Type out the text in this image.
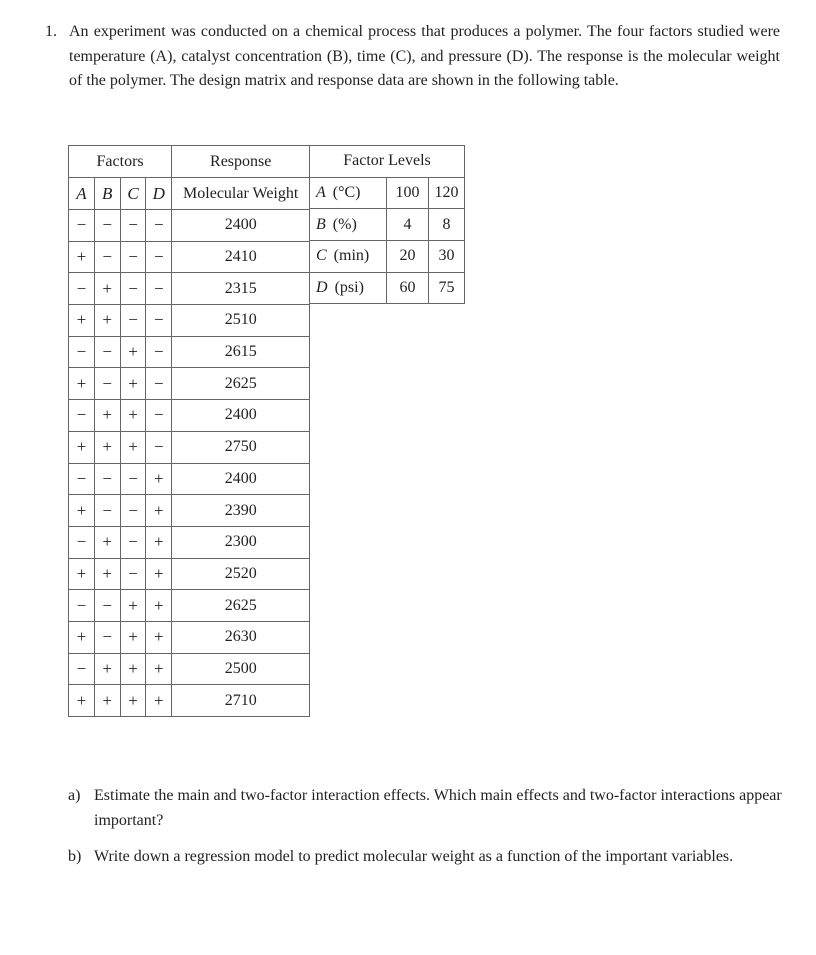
1. An experiment was conducted on a chemical process that produces a polymer. The four factors studied were temperature (A), catalyst concentration (B), time (C), and pressure (D). The response is the molecular weight of the polymer. The design matrix and response data are shown in the following table.
Factors				Response
A	B	C	D	Molecular Weight
−	−	−	−	2400
+	−	−	−	2410
−	+	−	−	2315
+	+	−	−	2510
−	−	+	−	2615
+	−	+	−	2625
−	+	+	−	2400
+	+	+	−	2750
−	−	−	+	2400
+	−	−	+	2390
−	+	−	+	2300
+	+	−	+	2520
−	−	+	+	2625
+	−	+	+	2630
−	+	+	+	2500
+	+	+	+	2710
Factor Levels		
A (°C)	100	120
B (%)	4	8
C (min)	20	30
D (psi)	60	75
a) Estimate the main and two-factor interaction effects. Which main effects and two-factor interactions appear important?
b) Write down a regression model to predict molecular weight as a function of the important variables.
